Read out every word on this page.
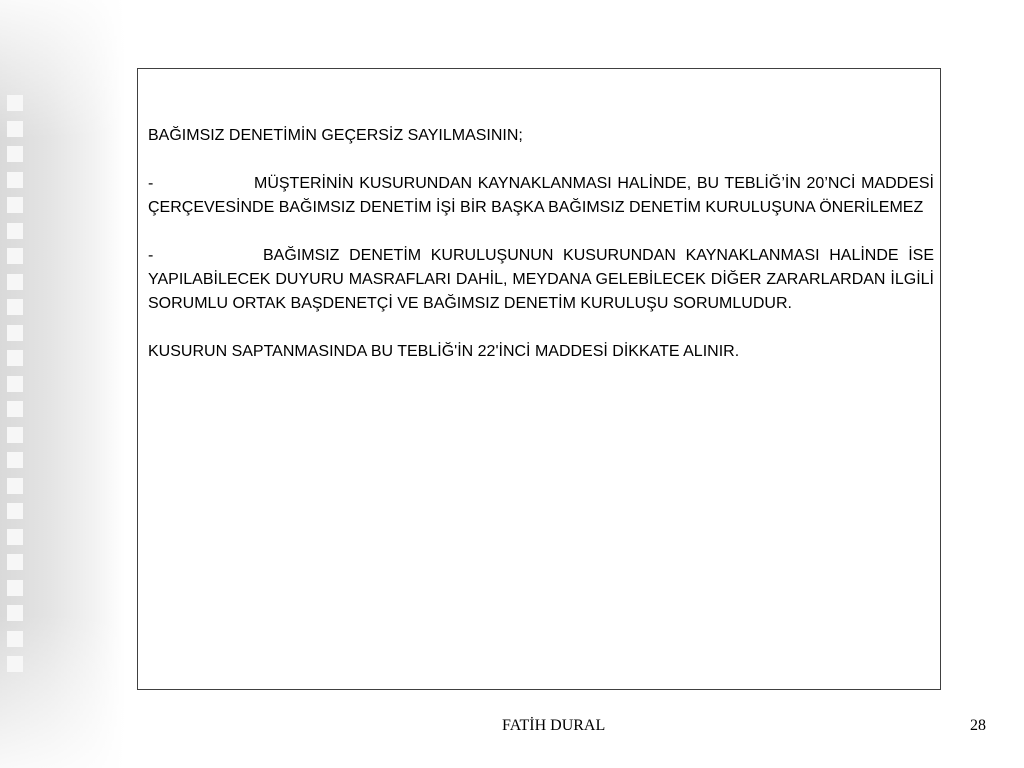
BAĞIMSIZ DENETİMİN GEÇERSİZ SAYILMASININ;

-	MÜŞTERİNİN KUSURUNDAN KAYNAKLANMASI HALİNDE, BU TEBLİĞ’İN 20’NCİ MADDESİ ÇERÇEVESİNDE BAĞIMSIZ DENETİM İŞİ BİR BAŞKA BAĞIMSIZ DENETİM KURULUŞUNA ÖNERİLEMEZ

-	BAĞIMSIZ DENETİM KURULUŞUNUN KUSURUNDAN KAYNAKLANMASI HALİNDE İSE YAPILABİLECEK DUYURU MASRAFLARI DAHİL, MEYDANA GELEBİLECEK DİĞER ZARARLARDAN İLGİLİ SORUMLU ORTAK BAŞDENETÇİ VE BAĞIMSIZ DENETİM KURULUŞU SORUMLUDUR.

KUSURUN SAPTANMASINDA BU TEBLİĞ'İN 22'İNCİ MADDESİ DİKKATE ALINIR.

FATİH DURAL	28
